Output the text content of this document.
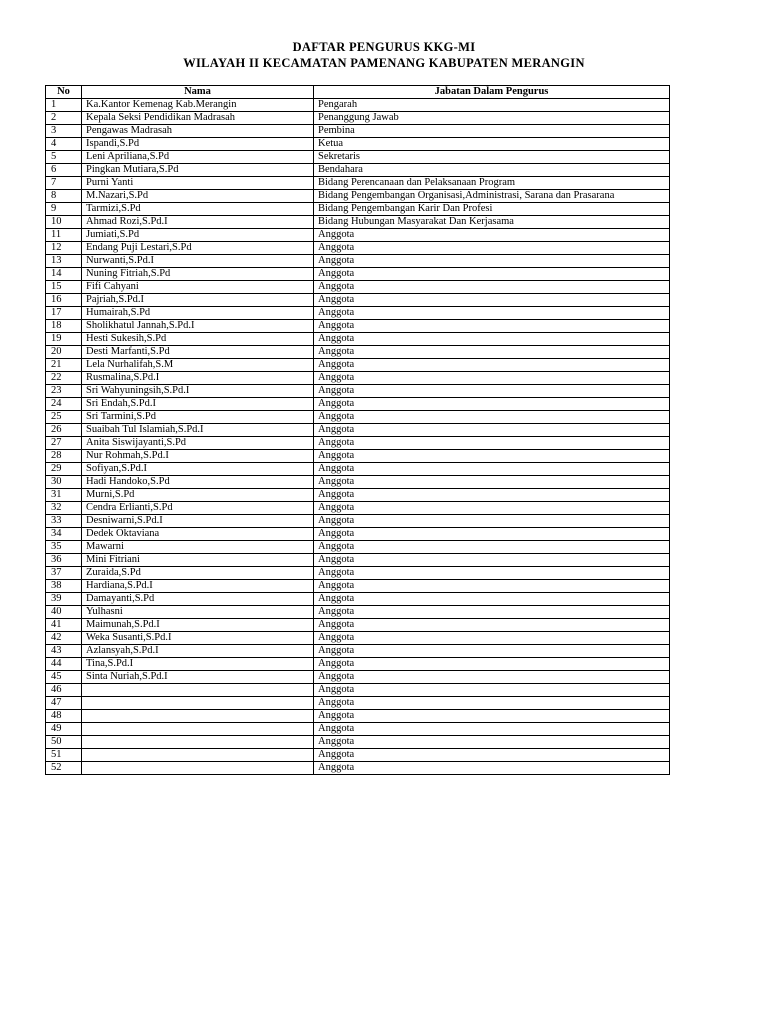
DAFTAR PENGURUS KKG-MI
WILAYAH II KECAMATAN PAMENANG KABUPATEN MERANGIN
No	Nama	Jabatan Dalam Pengurus
1	Ka.Kantor Kemenag Kab.Merangin	Pengarah
2	Kepala Seksi Pendidikan Madrasah	Penanggung Jawab
3	Pengawas Madrasah	Pembina
4	Ispandi,S.Pd	Ketua
5	Leni Apriliana,S.Pd	Sekretaris
6	Pingkan Mutiara,S.Pd	Bendahara
7	Purni Yanti	Bidang Perencanaan dan Pelaksanaan Program
8	M.Nazari,S.Pd	Bidang Pengembangan Organisasi,Administrasi, Sarana dan Prasarana
9	Tarmizi,S.Pd	Bidang Pengembangan Karir Dan Profesi
10	Ahmad Rozi,S.Pd.I	Bidang Hubungan Masyarakat Dan Kerjasama
11	Jumiati,S.Pd	Anggota
12	Endang Puji Lestari,S.Pd	Anggota
13	Nurwanti,S.Pd.I	Anggota
14	Nuning Fitriah,S.Pd	Anggota
15	Fifi Cahyani	Anggota
16	Pajriah,S.Pd.I	Anggota
17	Humairah,S.Pd	Anggota
18	Sholikhatul Jannah,S.Pd.I	Anggota
19	Hesti Sukesih,S.Pd	Anggota
20	Desti Marfanti,S.Pd	Anggota
21	Lela Nurhalifah,S.M	Anggota
22	Rusmalina,S.Pd.I	Anggota
23	Sri Wahyuningsih,S.Pd.I	Anggota
24	Sri Endah,S.Pd.I	Anggota
25	Sri Tarmini,S.Pd	Anggota
26	Suaibah Tul Islamiah,S.Pd.I	Anggota
27	Anita Siswijayanti,S.Pd	Anggota
28	Nur Rohmah,S.Pd.I	Anggota
29	Sofiyan,S.Pd.I	Anggota
30	Hadi Handoko,S.Pd	Anggota
31	Murni,S.Pd	Anggota
32	Cendra Erlianti,S.Pd	Anggota
33	Desniwarni,S.Pd.I	Anggota
34	Dedek Oktaviana	Anggota
35	Mawarni	Anggota
36	Mini Fitriani	Anggota
37	Zuraida,S.Pd	Anggota
38	Hardiana,S.Pd.I	Anggota
39	Damayanti,S.Pd	Anggota
40	Yulhasni	Anggota
41	Maimunah,S.Pd.I	Anggota
42	Weka Susanti,S.Pd.I	Anggota
43	Azlansyah,S.Pd.I	Anggota
44	Tina,S.Pd.I	Anggota
45	Sinta Nuriah,S.Pd.I	Anggota
46		Anggota
47		Anggota
48		Anggota
49		Anggota
50		Anggota
51		Anggota
52		Anggota
